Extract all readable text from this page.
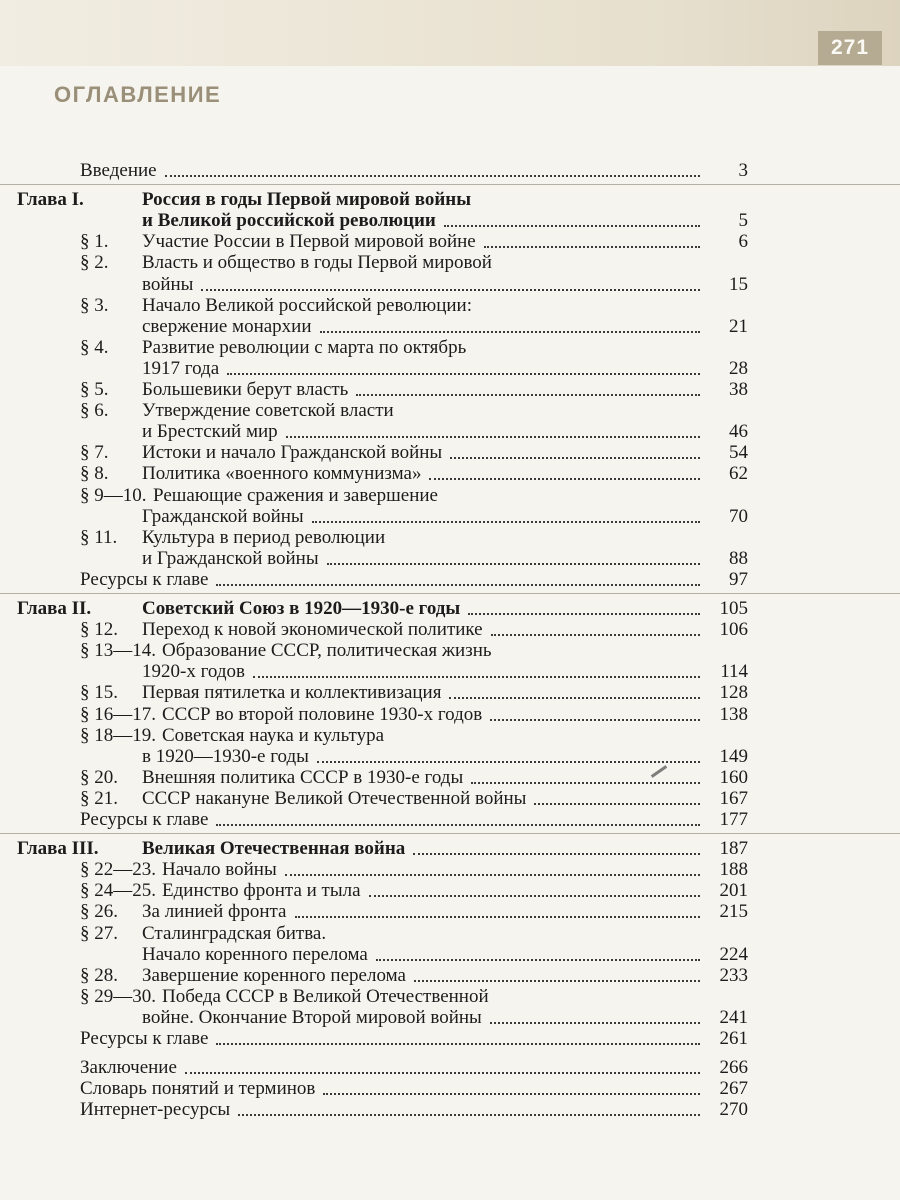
271
ОГЛАВЛЕНИЕ
Введение	3
Глава I.	Россия в годы Первой мировой войны
и Великой российской революции	5
§ 1. Участие России в Первой мировой войне	6
§ 2. Власть и общество в годы Первой мировой
войны	15
§ 3. Начало Великой российской революции:
свержение монархии	21
§ 4. Развитие революции с марта по октябрь
1917 года	28
§ 5. Большевики берут власть	38
§ 6. Утверждение советской власти
и Брестский мир	46
§ 7. Истоки и начало Гражданской войны	54
§ 8. Политика «военного коммунизма»	62
§ 9—10. Решающие сражения и завершение
Гражданской войны	70
§ 11. Культура в период революции
и Гражданской войны	88
Ресурсы к главе	97
Глава II.	Советский Союз в 1920—1930-е годы	105
§ 12. Переход к новой экономической политике	106
§ 13—14. Образование СССР, политическая жизнь
1920-х годов	114
§ 15. Первая пятилетка и коллективизация	128
§ 16—17. СССР во второй половине 1930-х годов	138
§ 18—19. Советская наука и культура
в 1920—1930-е годы	149
§ 20. Внешняя политика СССР в 1930-е годы	160
§ 21. СССР накануне Великой Отечественной войны	167
Ресурсы к главе	177
Глава III. Великая Отечественная война	187
§ 22—23. Начало войны	188
§ 24—25. Единство фронта и тыла	201
§ 26. За линией фронта	215
§ 27. Сталинградская битва.
Начало коренного перелома	224
§ 28. Завершение коренного перелома	233
§ 29—30. Победа СССР в Великой Отечественной
войне. Окончание Второй мировой войны	241
Ресурсы к главе	261
Заключение	266
Словарь понятий и терминов	267
Интернет-ресурсы	270
